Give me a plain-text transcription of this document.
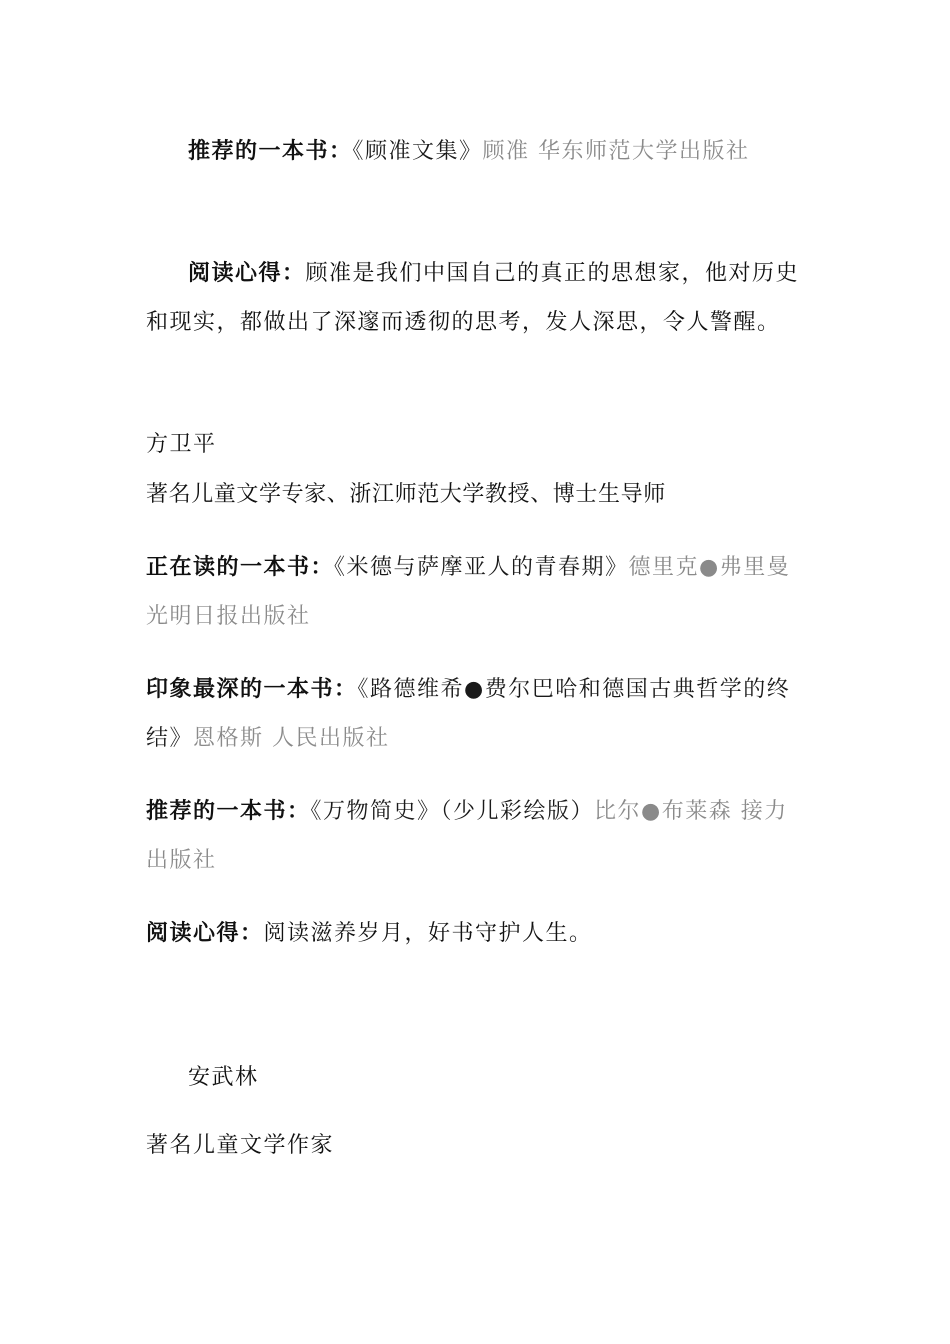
推荐的一本书：《顾准文集》顾准 华东师范大学出版社

阅读心得：顾准是我们中国自己的真正的思想家，他对历史和现实，都做出了深邃而透彻的思考，发人深思，令人警醒。

方卫平

著名儿童文学专家、浙江师范大学教授、博士生导师

正在读的一本书：《米德与萨摩亚人的青春期》德里克●弗里曼 光明日报出版社

印象最深的一本书：《路德维希●费尔巴哈和德国古典哲学的终结》恩格斯 人民出版社

推荐的一本书：《万物简史》（少儿彩绘版）比尔●布莱森 接力出版社

阅读心得：阅读滋养岁月，好书守护人生。

安武林

著名儿童文学作家
